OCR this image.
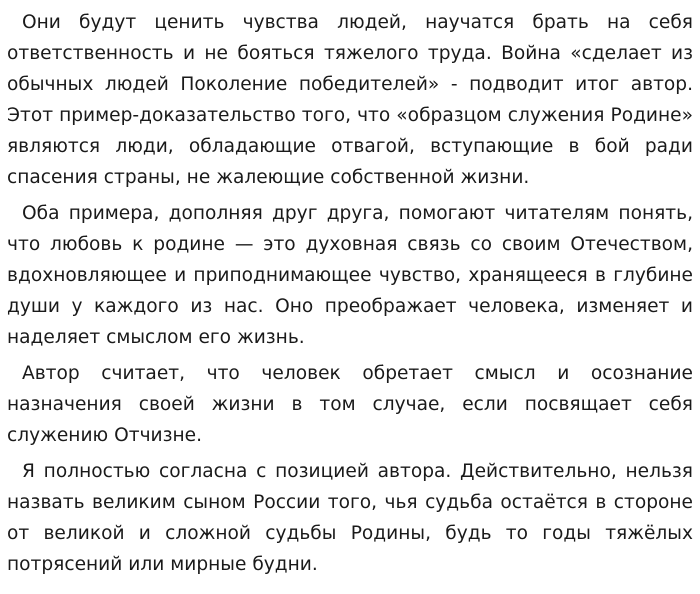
Они будут ценить чувства людей, научатся брать на себя ответственность и не бояться тяжелого труда. Война «сделает из обычных людей Поколение победителей» - подводит итог автор. Этот пример-доказательство того, что «образцом служения Родине» являются люди, обладающие отвагой, вступающие в бой ради спасения страны, не жалеющие собственной жизни.

Оба примера, дополняя друг друга, помогают читателям понять, что любовь к родине — это духовная связь со своим Отечеством, вдохновляющее и приподнимающее чувство, хранящееся в глубине души у каждого из нас. Оно преображает человека, изменяет и наделяет смыслом его жизнь.

Автор считает, что человек обретает смысл и осознание назначения своей жизни в том случае, если посвящает себя служению Отчизне.

Я полностью согласна с позицией автора. Действительно, нельзя назвать великим сыном России того, чья судьба остаётся в стороне от великой и сложной судьбы Родины, будь то годы тяжёлых потрясений или мирные будни.
